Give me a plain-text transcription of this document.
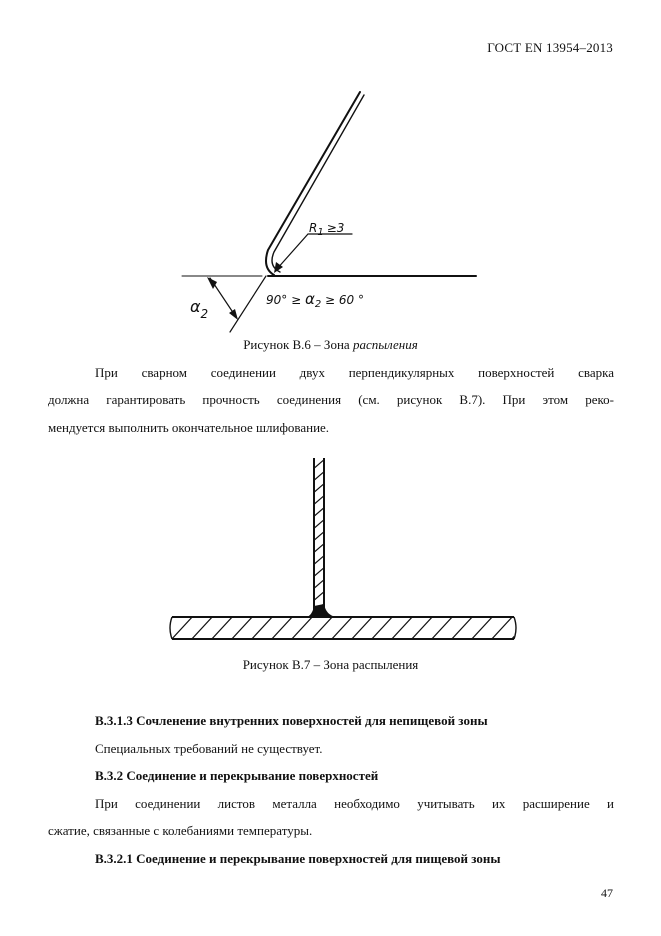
ГОСТ EN 13954–2013
$R_1 \ge 3$
$\alpha_2$
$90^\circ \ge \alpha_2 \ge 60$ °
Рисунок В.6 – Зона распыления
При сварном соединении двух перпендикулярных поверхностей сварка
должна гарантировать прочность соединения (см. рисунок В.7). При этом реко-
мендуется выполнить окончательное шлифование.
Рисунок В.7 – Зона распыления
В.3.1.3 Сочленение внутренних поверхностей для непищевой зоны
Специальных требований не существует.
В.3.2 Соединение и перекрывание поверхностей
При соединении листов металла необходимо учитывать их расширение и
сжатие, связанные с колебаниями температуры.
В.3.2.1 Соединение и перекрывание поверхностей для пищевой зоны
47
